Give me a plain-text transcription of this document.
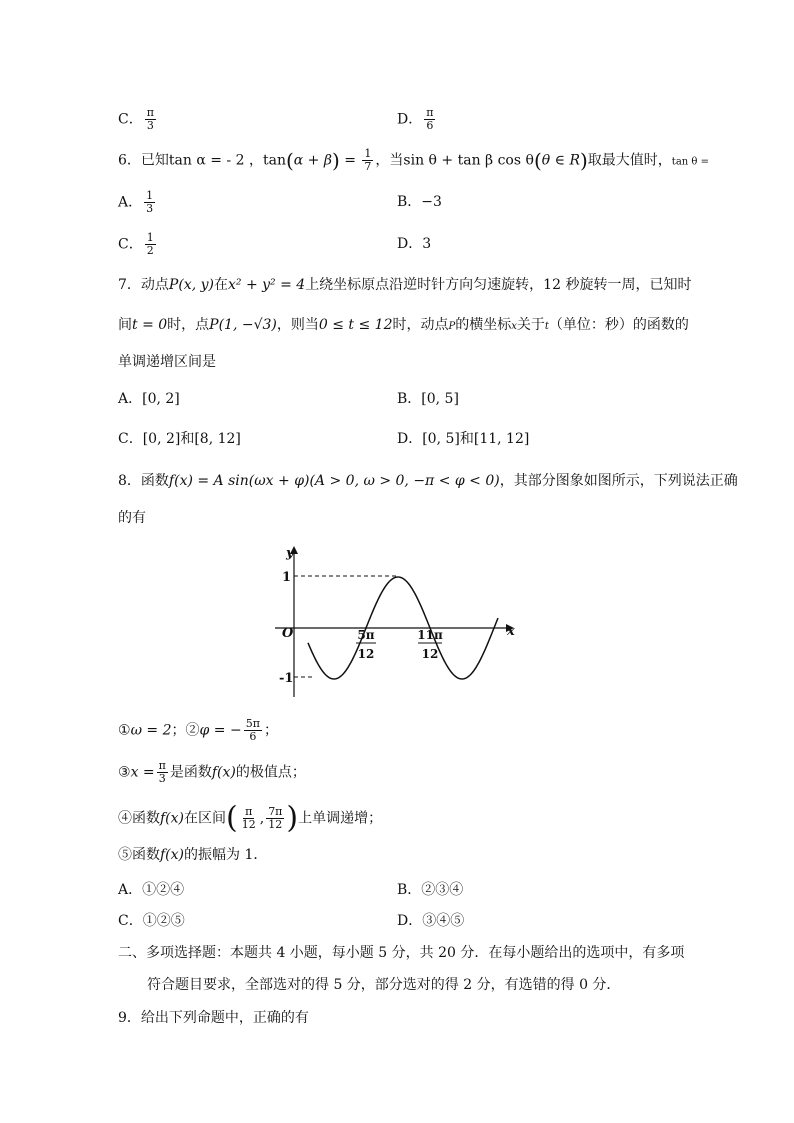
C． $\frac{\pi}{3}$	D． $\frac{\pi}{6}$
6．已知tan α = - 2 ，$\tan(\alpha + \beta) = \frac{1}{7}$ ，当sin θ + tan β cos θ(θ ∈ R)取最大值时，tan θ =
A． $\frac{1}{3}$	B．−3
C． $\frac{1}{2}$	D．3
7．动点P(x, y)在x² + y² = 4上绕坐标原点沿逆时针方向匀速旋转，12 秒旋转一周，已知时
间t = 0时，点P(1, −√3)，则当0 ≤ t ≤ 12时，动点P的横坐标x关于t（单位：秒）的函数的
单调递增区间是
A．[0, 2]	B．[0, 5]
C．[0, 2]和[8, 12]	D．[0, 5]和[11, 12]
8．函数f(x) = A sin(ωx + φ)(A > 0, ω > 0, −π < φ < 0)，其部分图象如图所示，下列说法正确
的有
y
x
O
1
-1
5π
12
11π
12
①ω = 2；②φ = − $\frac{5\pi}{6}$ ；
③x = $\frac{\pi}{3}$ 是函数f(x)的极值点；
④函数f(x)在区间( $\frac{\pi}{12}$ , $\frac{7\pi}{12}$ )上单调递增；
⑤函数f(x)的振幅为 1．
A．①②④	B．②③④
C．①②⑤	D．③④⑤
二、多项选择题：本题共 4 小题，每小题 5 分，共 20 分．在每小题给出的选项中，有多项
符合题目要求，全部选对的得 5 分，部分选对的得 2 分，有选错的得 0 分．
9．给出下列命题中，正确的有
